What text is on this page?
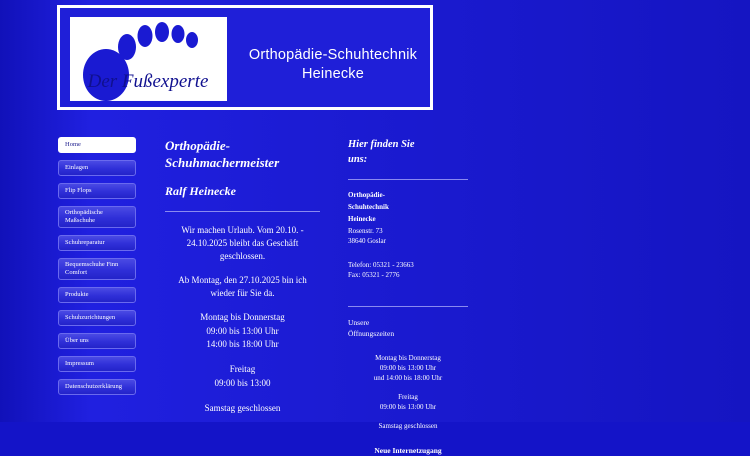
Der Fußexperte
Orthopädie-Schuhtechnik
Heinecke
Home
Einlagen
Flip Flops
Orthopädische Maßschuhe
Schuhreparatur
Bequemschuhe Finn Comfort
Produkte
Schuhzurichtungen
Über uns
Impressum
Datenschutzerklärung
Orthopädie-
Schuhmachermeister
Ralf Heinecke

Wir machen Urlaub. Vom 20.10. - 24.10.2025 bleibt das Geschäft geschlossen.

Ab Montag, den 27.10.2025 bin ich wieder für Sie da.

Montag bis Donnerstag

09:00 bis 13:00 Uhr

14:00 bis 18:00 Uhr

Freitag

09:00 bis 13:00

Samstag geschlossen

Hier finden Sie
uns:

Orthopädie-

Schuhtechnik

Heinecke

Rosenstr. 73

38640 Goslar

Telefon: 05321 - 23663

Fax: 05321 - 2776

Unsere

Öffnungszeiten

Montag bis Donnerstag

09:00 bis 13:00 Uhr

und 14:00 bis 18:00 Uhr

Freitag

09:00 bis 13:00 Uhr

Samstag geschlossen

Neue Internetzugang
